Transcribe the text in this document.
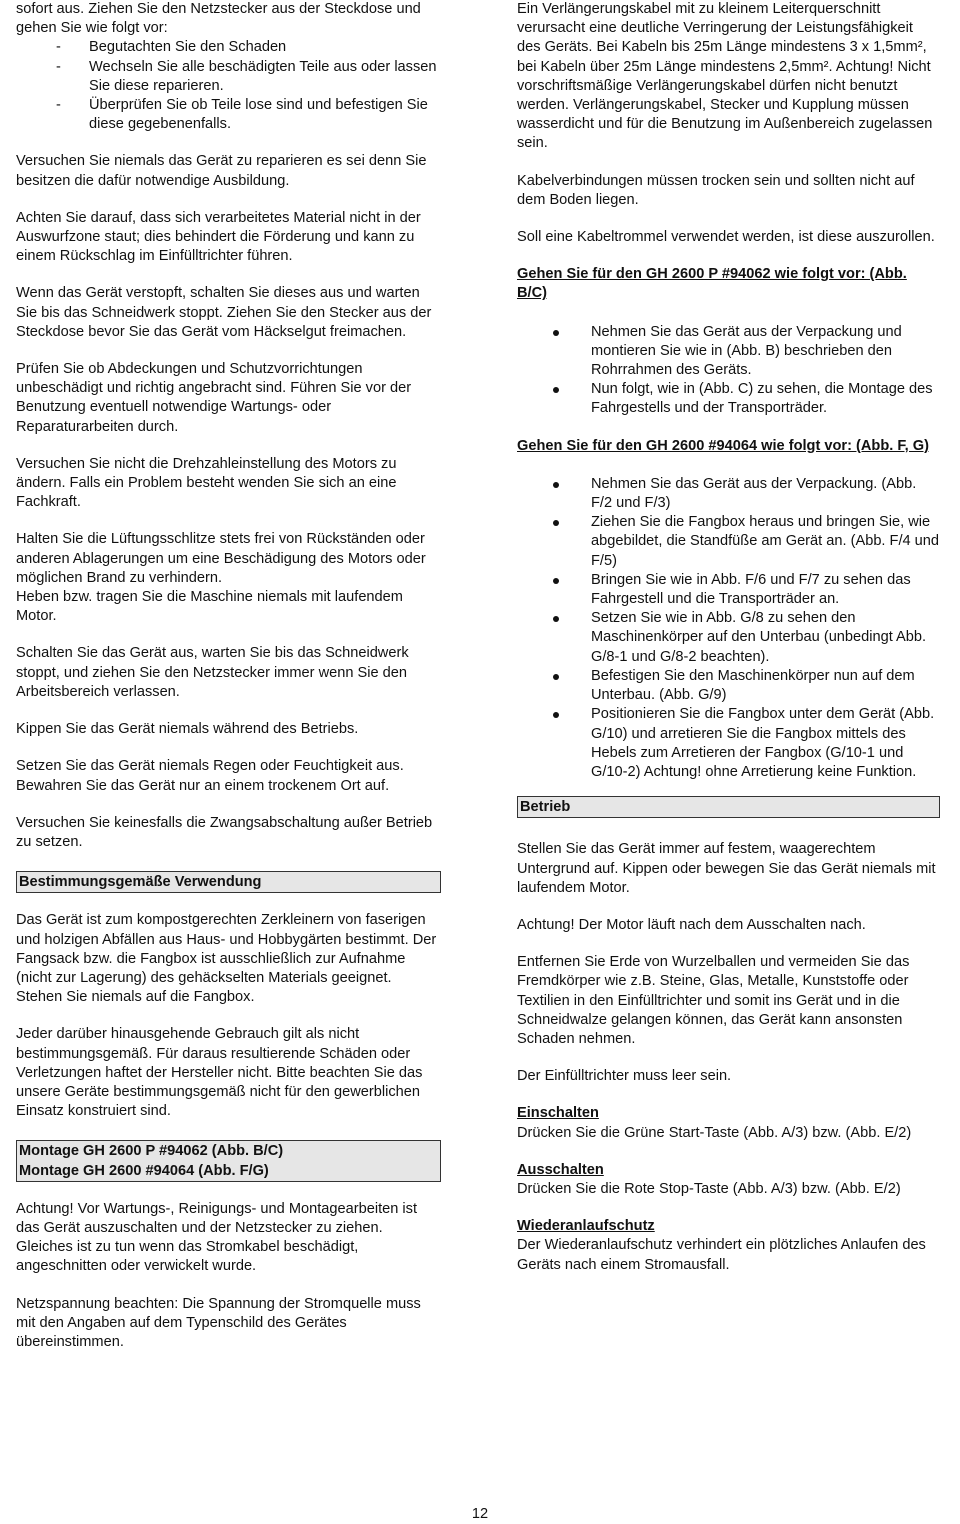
sofort aus. Ziehen Sie den Netzstecker aus der Steckdose und gehen Sie wie folgt vor:

- Begutachten Sie den Schaden
- Wechseln Sie alle beschädigten Teile aus oder lassen Sie diese reparieren.
- Überprüfen Sie ob Teile lose sind und befestigen Sie diese gegebenenfalls.

Versuchen Sie niemals das Gerät zu reparieren es sei denn Sie besitzen die dafür notwendige Ausbildung.

Achten Sie darauf, dass sich verarbeitetes Material nicht in der Auswurfzone staut; dies behindert die Förderung und kann zu einem Rückschlag im Einfülltrichter führen.

Wenn das Gerät verstopft, schalten Sie dieses aus und warten Sie bis das Schneidwerk stoppt. Ziehen Sie den Stecker aus der Steckdose bevor Sie das Gerät vom Häckselgut freimachen.

Prüfen Sie ob Abdeckungen und Schutzvorrichtungen unbeschädigt und richtig angebracht sind. Führen Sie vor der Benutzung eventuell notwendige Wartungs- oder Reparaturarbeiten durch.

Versuchen Sie nicht die Drehzahleinstellung des Motors zu ändern. Falls ein Problem besteht wenden Sie sich an eine Fachkraft.

Halten Sie die Lüftungsschlitze stets frei von Rückständen oder anderen Ablagerungen um eine Beschädigung des Motors oder möglichen Brand zu verhindern.

Heben bzw. tragen Sie die Maschine niemals mit laufendem Motor.

Schalten Sie das Gerät aus, warten Sie bis das Schneidwerk stoppt, und ziehen Sie den Netzstecker immer wenn Sie den Arbeitsbereich verlassen.

Kippen Sie das Gerät niemals während des Betriebs.

Setzen Sie das Gerät niemals Regen oder Feuchtigkeit aus. Bewahren Sie das Gerät nur an einem trockenem Ort auf.

Versuchen Sie keinesfalls die Zwangsabschaltung außer Betrieb zu setzen.

Bestimmungsgemäße Verwendung

Das Gerät ist zum kompostgerechten Zerkleinern von faserigen und holzigen Abfällen aus Haus- und Hobbygärten bestimmt. Der Fangsack bzw. die Fangbox ist ausschließlich zur Aufnahme (nicht zur Lagerung) des gehäckselten Materials geeignet. Stehen Sie niemals auf die Fangbox.

Jeder darüber hinausgehende Gebrauch gilt als nicht bestimmungsgemäß. Für daraus resultierende Schäden oder Verletzungen haftet der Hersteller nicht. Bitte beachten Sie das unsere Geräte bestimmungsgemäß nicht für den gewerblichen Einsatz konstruiert sind.

Montage GH 2600 P #94062 (Abb. B/C)
Montage GH 2600 #94064 (Abb. F/G)

Achtung! Vor Wartungs-, Reinigungs- und Montagearbeiten ist das Gerät auszuschalten und der Netzstecker zu ziehen. Gleiches ist zu tun wenn das Stromkabel beschädigt, angeschnitten oder verwickelt wurde.

Netzspannung beachten: Die Spannung der Stromquelle muss mit den Angaben auf dem Typenschild des Gerätes übereinstimmen.

Ein Verlängerungskabel mit zu kleinem Leiterquerschnitt verursacht eine deutliche Verringerung der Leistungsfähigkeit des Geräts. Bei Kabeln bis 25m Länge mindestens 3 x 1,5mm², bei Kabeln über 25m Länge mindestens 2,5mm². Achtung! Nicht vorschriftsmäßige Verlängerungskabel dürfen nicht benutzt werden. Verlängerungskabel, Stecker und Kupplung müssen wasserdicht und für die Benutzung im Außenbereich zugelassen sein.

Kabelverbindungen müssen trocken sein und sollten nicht auf dem Boden liegen.

Soll eine Kabeltrommel verwendet werden, ist diese auszurollen.

Gehen Sie für den GH 2600 P #94062 wie folgt vor: (Abb. B/C)

Nehmen Sie das Gerät aus der Verpackung und montieren Sie wie in (Abb. B) beschrieben den Rohrrahmen des Geräts.
Nun folgt, wie in (Abb. C) zu sehen, die Montage des Fahrgestells und der Transporträder.

Gehen Sie für den GH 2600 #94064 wie folgt vor: (Abb. F, G)

Nehmen Sie das Gerät aus der Verpackung. (Abb. F/2 und F/3)
Ziehen Sie die Fangbox heraus und bringen Sie, wie abgebildet, die Standfüße am Gerät an. (Abb. F/4 und F/5)
Bringen Sie wie in Abb. F/6 und F/7 zu sehen das Fahrgestell und die Transporträder an.
Setzen Sie wie in Abb. G/8 zu sehen den Maschinenkörper auf den Unterbau (unbedingt Abb. G/8-1 und G/8-2 beachten).
Befestigen Sie den Maschinenkörper nun auf dem Unterbau. (Abb. G/9)
Positionieren Sie die Fangbox unter dem Gerät (Abb. G/10) und arretieren Sie die Fangbox mittels des Hebels zum Arretieren der Fangbox (G/10-1 und G/10-2) Achtung! ohne Arretierung keine Funktion.
Betrieb

Stellen Sie das Gerät immer auf festem, waagerechtem Untergrund auf. Kippen oder bewegen Sie das Gerät niemals mit laufendem Motor.

Achtung! Der Motor läuft nach dem Ausschalten nach.

Entfernen Sie Erde von Wurzelballen und vermeiden Sie das Fremdkörper wie z.B. Steine, Glas, Metalle, Kunststoffe oder Textilien in den Einfülltrichter und somit ins Gerät und in die Schneidwalze gelangen können, das Gerät kann ansonsten Schaden nehmen.

Der Einfülltrichter muss leer sein.

Einschalten

Drücken Sie die Grüne Start-Taste (Abb. A/3) bzw. (Abb. E/2)

Ausschalten

Drücken Sie die Rote Stop-Taste (Abb. A/3) bzw. (Abb. E/2)

Wiederanlaufschutz

Der Wiederanlaufschutz verhindert ein plötzliches Anlaufen des Geräts nach einem Stromausfall.

12
